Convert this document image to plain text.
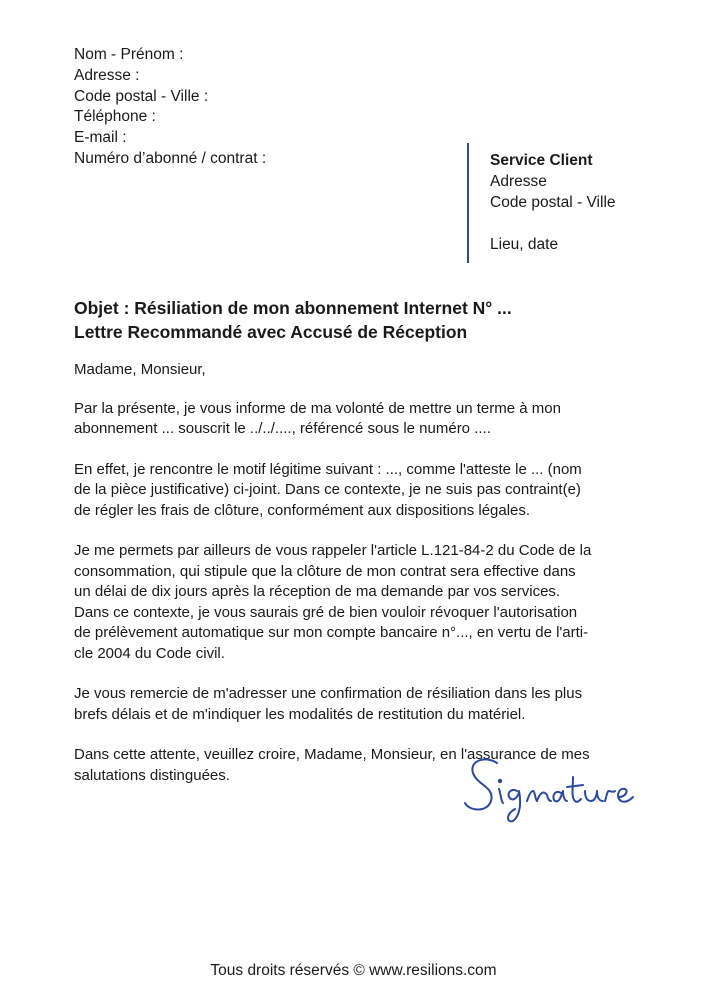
Nom - Prénom :
Adresse :
Code postal - Ville :
Téléphone :
E-mail :
Numéro d’abonné / contrat :	Service Client
Adresse
Code postal - Ville
Lieu, date
Objet : Résiliation de mon abonnement Internet N° ...
Lettre Recommandé avec Accusé de Réception

Madame, Monsieur,

Par la présente, je vous informe de ma volonté de mettre un terme à mon
abonnement ... souscrit le ../../...., référencé sous le numéro ....

En effet, je rencontre le motif légitime suivant : ..., comme l'atteste le ... (nom
de la pièce justificative) ci-joint. Dans ce contexte, je ne suis pas contraint(e)
de régler les frais de clôture, conformément aux dispositions légales.

Je me permets par ailleurs de vous rappeler l'article L.121-84-2 du Code de la
consommation, qui stipule que la clôture de mon contrat sera effective dans
un délai de dix jours après la réception de ma demande par vos services.
Dans ce contexte, je vous saurais gré de bien vouloir révoquer l'autorisation
de prélèvement automatique sur mon compte bancaire n°..., en vertu de l'arti-
cle 2004 du Code civil.

Je vous remercie de m'adresser une confirmation de résiliation dans les plus
brefs délais et de m'indiquer les modalités de restitution du matériel.

Dans cette attente, veuillez croire, Madame, Monsieur, en l'assurance de mes
salutations distinguées.

Tous droits réservés © www.resilions.com
